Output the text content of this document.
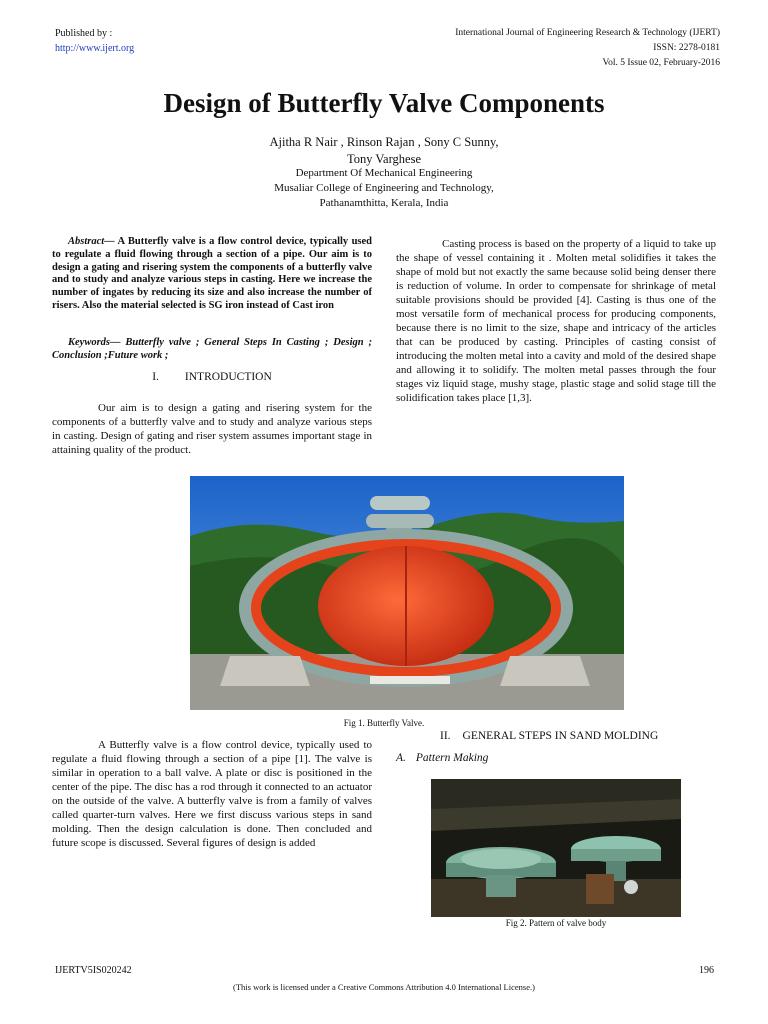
Published by :
http://www.ijert.org
International Journal of Engineering Research & Technology (IJERT)
ISSN: 2278-0181
Vol. 5 Issue 02, February-2016
Design of Butterfly Valve Components
Ajitha R Nair , Rinson Rajan , Sony C Sunny,
Tony Varghese
Department Of Mechanical Engineering
Musaliar College of Engineering and Technology,
Pathanamthitta, Kerala, India
Abstract— A Butterfly valve is a flow control device, typically used to regulate a fluid flowing through a section of a pipe. Our aim is to design a gating and risering system the components of a butterfly valve and to study and analyze various steps in casting. Here we increase the number of ingates by reducing its size and also increase the number of risers. Also the material selected is SG iron instead of Cast iron
Keywords— Butterfly valve ; General Steps In Casting ; Design ; Conclusion ;Future work ;
I. INTRODUCTION

Our aim is to design a gating and risering system for the components of a butterfly valve and to study and analyze various steps in casting. Design of gating and riser system assumes important stage in attaining quality of the product.

Casting process is based on the property of a liquid to take up the shape of vessel containing it . Molten metal solidifies it takes the shape of mold but not exactly the same because solid being denser there is reduction of volume. In order to compensate for shrinkage of metal suitable provisions should be provided [4]. Casting is thus one of the most versatile form of mechanical process for producing components, because there is no limit to the size, shape and intricacy of the articles that can be produced by casting. Principles of casting consist of introducing the molten metal into a cavity and mold of the desired shape and allowing it to solidify. The molten metal passes through the four stages viz liquid stage, mushy stage, plastic stage and solid stage till the solidification takes place [1,3].

Fig 1. Butterfly Valve.

A Butterfly valve is a flow control device, typically used to regulate a fluid flowing through a section of a pipe [1]. The valve is similar in operation to a ball valve. A plate or disc is positioned in the center of the pipe. The disc has a rod through it connected to an actuator on the outside of the valve. A butterfly valve is from a family of valves called quarter-turn valves. Here we first discuss various steps in sand molding. Then the design calculation is done. Then concluded and future scope is discussed. Several figures of design is added

II. GENERAL STEPS IN SAND MOLDING
A. Pattern Making
Fig 2. Pattern of valve body
IJERTV5IS020242	196
(This work is licensed under a Creative Commons Attribution 4.0 International License.)
